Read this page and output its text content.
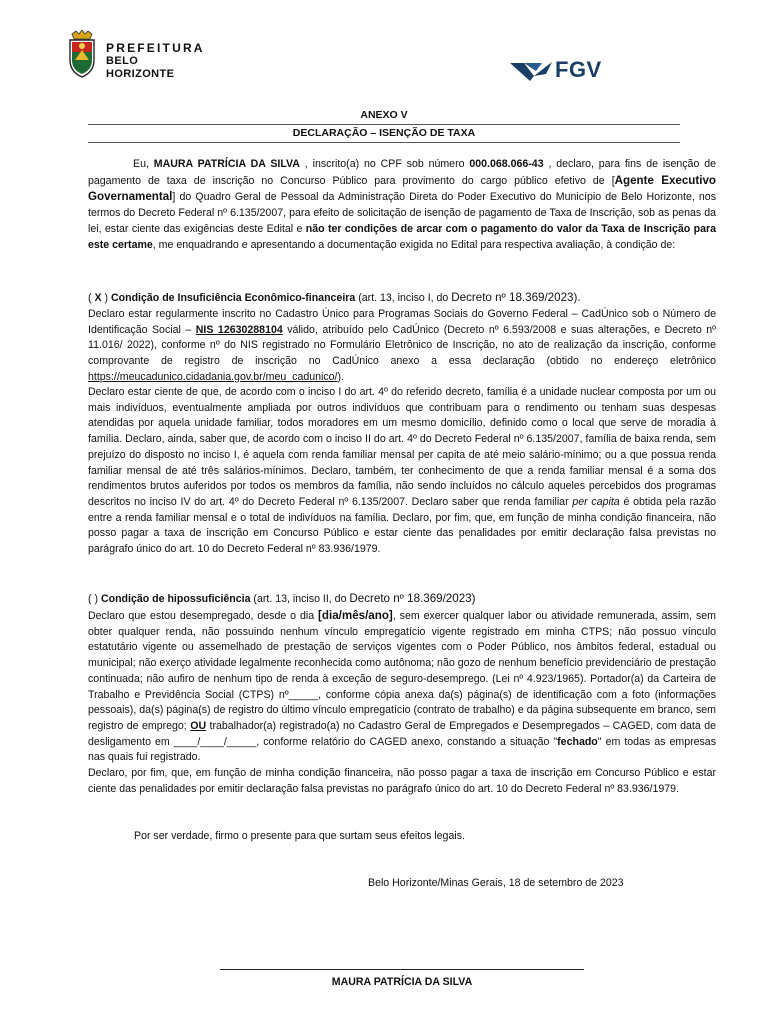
PREFEITURA
BELO HORIZONTE	FGV
ANEXO V
DECLARAÇÃO – ISENÇÃO DE TAXA
Eu, MAURA PATRÍCIA DA SILVA , inscrito(a) no CPF sob número 000.068.066-43 , declaro, para fins de isenção de pagamento de taxa de inscrição no Concurso Público para provimento do cargo público efetivo de [Agente Executivo Governamental] do Quadro Geral de Pessoal da Administração Direta do Poder Executivo do Município de Belo Horizonte, nos termos do Decreto Federal nº 6.135/2007, para efeito de solicitação de isenção de pagamento de Taxa de Inscrição, sob as penas da lei, estar ciente das exigências deste Edital e não ter condições de arcar com o pagamento do valor da Taxa de Inscrição para este certame, me enquadrando e apresentando a documentação exigida no Edital para respectiva avaliação, à condição de:
( X ) Condição de Insuficiência Econômico-financeira (art. 13, inciso I, do Decreto nº 18.369/2023).
Declaro estar regularmente inscrito no Cadastro Único para Programas Sociais do Governo Federal – CadÚnico sob o Número de Identificação Social – NIS 12630288104 válido, atribuído pelo CadÚnico (Decreto nº 6.593/2008 e suas alterações, e Decreto nº 11.016/ 2022), conforme nº do NIS registrado no Formulário Eletrônico de Inscrição, no ato de realização da inscrição, conforme comprovante de registro de inscrição no CadÚnico anexo a essa declaração (obtido no endereço eletrônico https://meucadunico.cidadania.gov.br/meu_cadunico/).
Declaro estar ciente de que, de acordo com o inciso I do art. 4º do referido decreto, família é a unidade nuclear composta por um ou mais indivíduos, eventualmente ampliada por outros indivíduos que contribuam para o rendimento ou tenham suas despesas atendidas por aquela unidade familiar, todos moradores em um mesmo domicílio, definido como o local que serve de moradia à família. Declaro, ainda, saber que, de acordo com o inciso II do art. 4º do Decreto Federal nº 6.135/2007, família de baixa renda, sem prejuízo do disposto no inciso I, é aquela com renda familiar mensal per capita de até meio salário-mínimo; ou a que possua renda familiar mensal de até três salários-mínimos. Declaro, também, ter conhecimento de que a renda familiar mensal é a soma dos rendimentos brutos auferidos por todos os membros da família, não sendo incluídos no cálculo aqueles percebidos dos programas descritos no inciso IV do art. 4º do Decreto Federal nº 6.135/2007. Declaro saber que renda familiar per capita é obtida pela razão entre a renda familiar mensal e o total de indivíduos na família. Declaro, por fim, que, em função de minha condição financeira, não posso pagar a taxa de inscrição em Concurso Público e estar ciente das penalidades por emitir declaração falsa previstas no parágrafo único do art. 10 do Decreto Federal nº 83.936/1979.
( ) Condição de hipossuficiência (art. 13, inciso II, do Decreto nº 18.369/2023)
Declaro que estou desempregado, desde o dia [dia/mês/ano], sem exercer qualquer labor ou atividade remunerada, assim, sem obter qualquer renda, não possuindo nenhum vínculo empregatício vigente registrado em minha CTPS; não possuo vínculo estatutário vigente ou assemelhado de prestação de serviços vigentes com o Poder Público, nos âmbitos federal, estadual ou municipal; não exerço atividade legalmente reconhecida como autônoma; não gozo de nenhum benefício previdenciário de prestação continuada; não aufiro de nenhum tipo de renda à exceção de seguro-desemprego. (Lei nº 4.923/1965). Portador(a) da Carteira de Trabalho e Previdência Social (CTPS) nº_____, conforme cópia anexa da(s) página(s) de identificação com a foto (informações pessoais), da(s) página(s) de registro do último vínculo empregatício (contrato de trabalho) e da página subsequente em branco, sem registro de emprego; OU trabalhador(a) registrado(a) no Cadastro Geral de Empregados e Desempregados – CAGED, com data de desligamento em ____/____/_____, conforme relatório do CAGED anexo, constando a situação "fechado" em todas as empresas nas quais fui registrado.
Declaro, por fim, que, em função de minha condição financeira, não posso pagar a taxa de inscrição em Concurso Público e estar ciente das penalidades por emitir declaração falsa previstas no parágrafo único do art. 10 do Decreto Federal nº 83.936/1979.
Por ser verdade, firmo o presente para que surtam seus efeitos legais.
Belo Horizonte/Minas Gerais, 18 de setembro de 2023
MAURA PATRÍCIA DA SILVA
